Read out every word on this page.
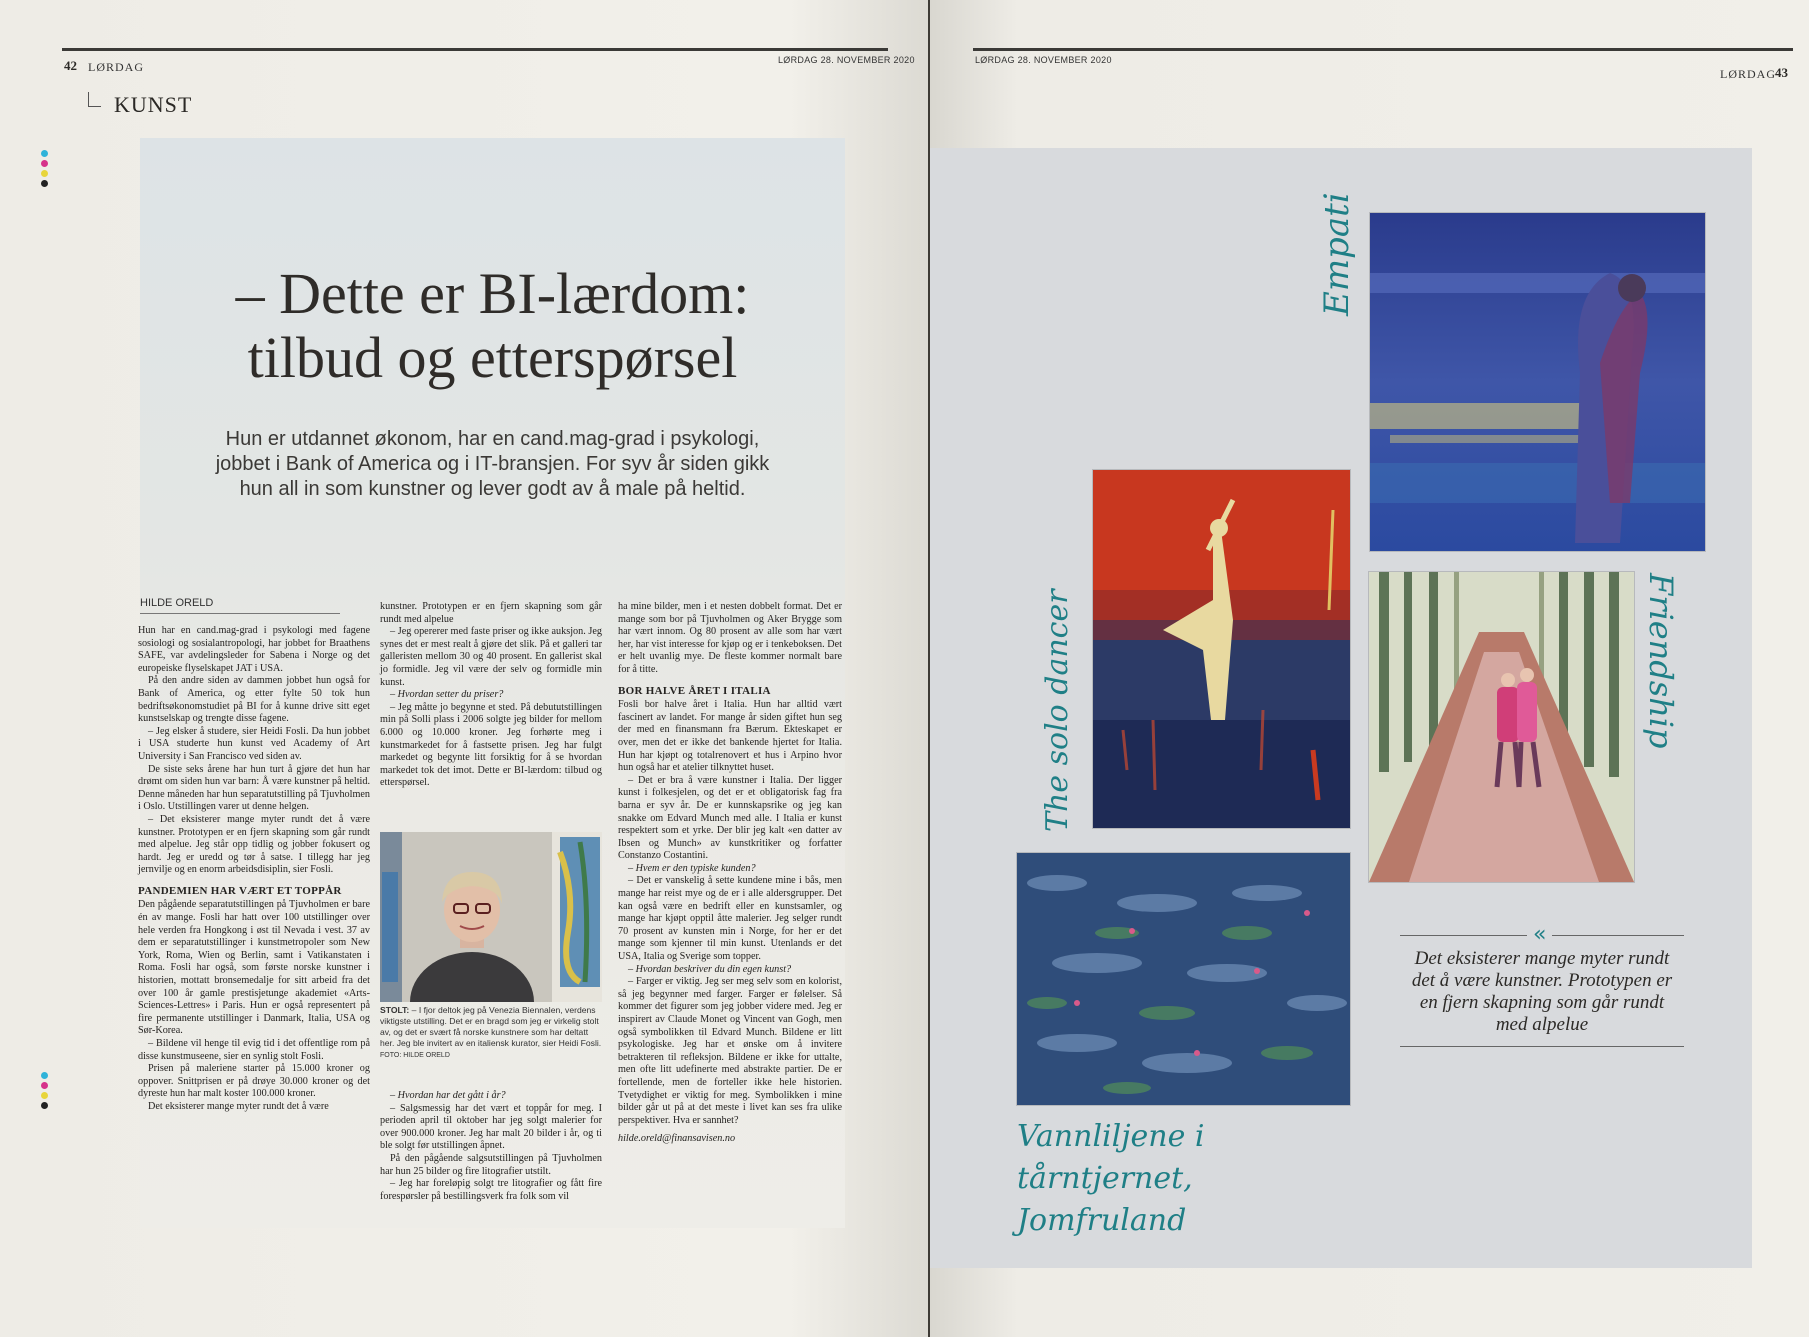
42 LØRDAG	LØRDAG 28. NOVEMBER 2020
KUNST
– Dette er BI-lærdom:
tilbud og etterspørsel
Hun er utdannet økonom, har en cand.mag-grad i psykologi, jobbet i Bank of America og i IT-bransjen. For syv år siden gikk hun all in som kunstner og lever godt av å male på heltid.
HILDE ORELD

Hun har en cand.mag-grad i psykologi med fagene sosiologi og sosialantropologi, har jobbet for Braathens SAFE, var avdelingsleder for Sabena i Norge og det europeiske flyselskapet JAT i USA.

På den andre siden av dammen jobbet hun også for Bank of America, og etter fylte 50 tok hun bedriftsøkonomstudiet på BI for å kunne drive sitt eget kunstselskap og trengte disse fagene.

– Jeg elsker å studere, sier Heidi Fosli. Da hun jobbet i USA studerte hun kunst ved Academy of Art University i San Francisco ved siden av.

De siste seks årene har hun turt å gjøre det hun har drømt om siden hun var barn: Å være kunstner på heltid. Denne måneden har hun separatutstilling på Tjuvholmen i Oslo. Utstillingen varer ut denne helgen.

– Det eksisterer mange myter rundt det å være kunstner. Prototypen er en fjern skapning som går rundt med alpelue. Jeg står opp tidlig og jobber fokusert og hardt. Jeg er uredd og tør å satse. I tillegg har jeg jernvilje og en enorm arbeidsdisiplin, sier Fosli.

PANDEMIEN HAR VÆRT ET TOPPÅR

Den pågående separatutstillingen på Tjuvholmen er bare én av mange. Fosli har hatt over 100 utstillinger over hele verden fra Hongkong i øst til Nevada i vest. 37 av dem er separatutstillinger i kunstmetropoler som New York, Roma, Wien og Berlin, samt i Vatikanstaten i Roma. Fosli har også, som første norske kunstner i historien, mottatt bronsemedalje for sitt arbeid fra det over 100 år gamle prestisjetunge akademiet «Arts-Sciences-Lettres» i Paris. Hun er også representert på fire permanente utstillinger i Danmark, Italia, USA og Sør-Korea.

– Bildene vil henge til evig tid i det offentlige rom på disse kunstmuseene, sier en synlig stolt Fosli.

Prisen på maleriene starter på 15.000 kroner og oppover. Snittprisen er på drøye 30.000 kroner og det dyreste hun har malt koster 100.000 kroner.

Det eksisterer mange myter rundt det å være

kunstner. Prototypen er en fjern skapning som går rundt med alpelue

– Jeg opererer med faste priser og ikke auksjon. Jeg synes det er mest realt å gjøre det slik. På et galleri tar galleristen mellom 30 og 40 prosent. En gallerist skal jo formidle. Jeg vil være der selv og formidle min kunst.

– Hvordan setter du priser?

– Jeg måtte jo begynne et sted. På debututstillingen min på Solli plass i 2006 solgte jeg bilder for mellom 6.000 og 10.000 kroner. Jeg forhørte meg i kunstmarkedet for å fastsette prisen. Jeg har fulgt markedet og begynte litt forsiktig for å se hvordan markedet tok det imot. Dette er BI-lærdom: tilbud og etterspørsel.

STOLT: – I fjor deltok jeg på Venezia Biennalen, verdens viktigste utstilling. Det er en bragd som jeg er virkelig stolt av, og det er svært få norske kunstnere som har deltatt her. Jeg ble invitert av en italiensk kurator, sier Heidi Fosli. FOTO: HILDE ORELD

– Hvordan har det gått i år?

– Salgsmessig har det vært et toppår for meg. I perioden april til oktober har jeg solgt malerier for over 900.000 kroner. Jeg har malt 20 bilder i år, og ti ble solgt før utstillingen åpnet.

På den pågående salgsutstillingen på Tjuvholmen har hun 25 bilder og fire litografier utstilt.

– Jeg har foreløpig solgt tre litografier og fått fire forespørsler på bestillingsverk fra folk som vil

ha mine bilder, men i et nesten dobbelt format. Det er mange som bor på Tjuvholmen og Aker Brygge som har vært innom. Og 80 prosent av alle som har vært her, har vist interesse for kjøp og er i tenkeboksen. Det er helt uvanlig mye. De fleste kommer normalt bare for å titte.

BOR HALVE ÅRET I ITALIA

Fosli bor halve året i Italia. Hun har alltid vært fascinert av landet. For mange år siden giftet hun seg der med en finansmann fra Bærum. Ekteskapet er over, men det er ikke det bankende hjertet for Italia. Hun har kjøpt og totalrenovert et hus i Arpino hvor hun også har et atelier tilknyttet huset.

– Det er bra å være kunstner i Italia. Der ligger kunst i folkesjelen, og det er et obligatorisk fag fra barna er syv år. De er kunnskapsrike og jeg kan snakke om Edvard Munch med alle. I Italia er kunst respektert som et yrke. Der blir jeg kalt «en datter av Ibsen og Munch» av kunstkritiker og forfatter Constanzo Costantini.

– Hvem er den typiske kunden?

– Det er vanskelig å sette kundene mine i bås, men mange har reist mye og de er i alle aldersgrupper. Det kan også være en bedrift eller en kunstsamler, og mange har kjøpt opptil åtte malerier. Jeg selger rundt 70 prosent av kunsten min i Norge, for her er det mange som kjenner til min kunst. Utenlands er det USA, Italia og Sverige som topper.

– Hvordan beskriver du din egen kunst?

– Farger er viktig. Jeg ser meg selv som en kolorist, så jeg begynner med farger. Farger er følelser. Så kommer det figurer som jeg jobber videre med. Jeg er inspirert av Claude Monet og Vincent van Gogh, men også symbolikken til Edvard Munch. Bildene er litt psykologiske. Jeg har et ønske om å invitere betrakteren til refleksjon. Bildene er ikke for uttalte, men ofte litt udefinerte med abstrakte partier. De er fortellende, men de forteller ikke hele historien. Tvetydighet er viktig for meg. Symbolikken i mine bilder går ut på at det meste i livet kan ses fra ulike perspektiver. Hva er sannhet?

hilde.oreld@finansavisen.no

LØRDAG 28. NOVEMBER 2020
LØRDAG 43
Empati
The solo dancer	Friendship
Vannliljene i tårntjernet,
Jomfruland
Det eksisterer mange myter rundt det å være kunstner. Prototypen er en fjern skapning som går rundt med alpelue
«
